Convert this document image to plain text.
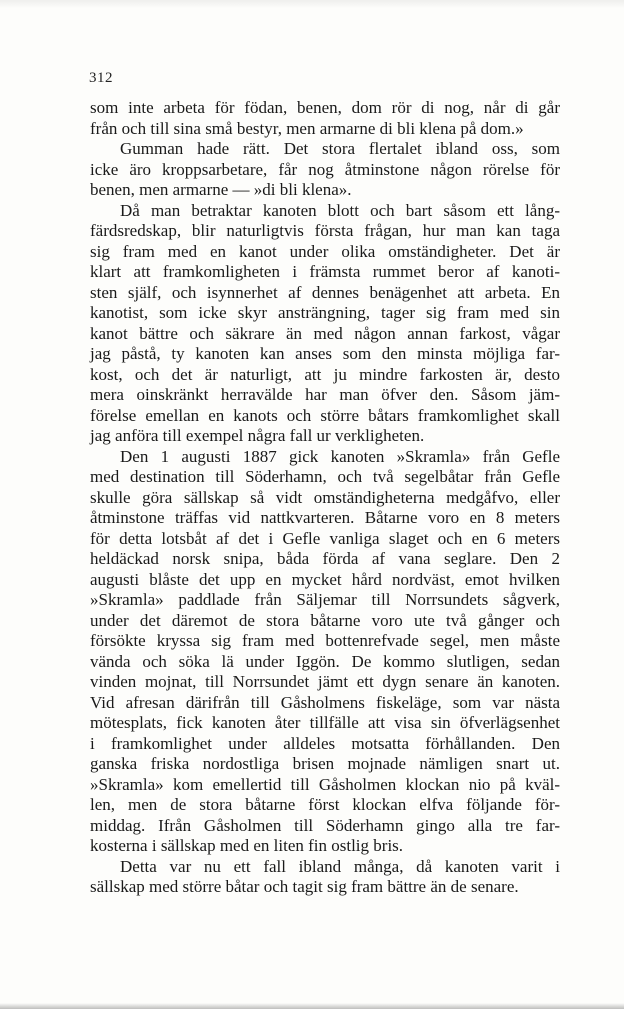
312
som inte arbeta för födan, benen, dom rör di nog, når di går
från och till sina små bestyr, men armarne di bli klena på dom.»
Gumman hade rätt. Det stora flertalet ibland oss, som
icke äro kroppsarbetare, får nog åtminstone någon rörelse för
benen, men armarne — »di bli klena».
Då man betraktar kanoten blott och bart såsom ett lång-
färdsredskap, blir naturligtvis första frågan, hur man kan taga
sig fram med en kanot under olika omständigheter. Det är
klart att framkomligheten i främsta rummet beror af kanoti-
sten själf, och isynnerhet af dennes benägenhet att arbeta. En
kanotist, som icke skyr ansträngning, tager sig fram med sin
kanot bättre och säkrare än med någon annan farkost, vågar
jag påstå, ty kanoten kan anses som den minsta möjliga far-
kost, och det är naturligt, att ju mindre farkosten är, desto
mera oinskränkt herravälde har man öfver den. Såsom jäm-
förelse emellan en kanots och större båtars framkomlighet skall
jag anföra till exempel några fall ur verkligheten.
Den 1 augusti 1887 gick kanoten »Skramla» från Gefle
med destination till Söderhamn, och två segelbåtar från Gefle
skulle göra sällskap så vidt omständigheterna medgåfvo, eller
åtminstone träffas vid nattkvarteren. Båtarne voro en 8 meters
för detta lotsbåt af det i Gefle vanliga slaget och en 6 meters
heldäckad norsk snipa, båda förda af vana seglare. Den 2
augusti blåste det upp en mycket hård nordväst, emot hvilken
»Skramla» paddlade från Säljemar till Norrsundets sågverk,
under det däremot de stora båtarne voro ute två gånger och
försökte kryssa sig fram med bottenrefvade segel, men måste
vända och söka lä under Iggön. De kommo slutligen, sedan
vinden mojnat, till Norrsundet jämt ett dygn senare än kanoten.
Vid afresan därifrån till Gåsholmens fiskeläge, som var nästa
mötesplats, fick kanoten åter tillfälle att visa sin öfverlägsenhet
i framkomlighet under alldeles motsatta förhållanden. Den
ganska friska nordostliga brisen mojnade nämligen snart ut.
»Skramla» kom emellertid till Gåsholmen klockan nio på kväl-
len, men de stora båtarne först klockan elfva följande för-
middag. Ifrån Gåsholmen till Söderhamn gingo alla tre far-
kosterna i sällskap med en liten fin ostlig bris.
Detta var nu ett fall ibland många, då kanoten varit i
sällskap med större båtar och tagit sig fram bättre än de senare.
